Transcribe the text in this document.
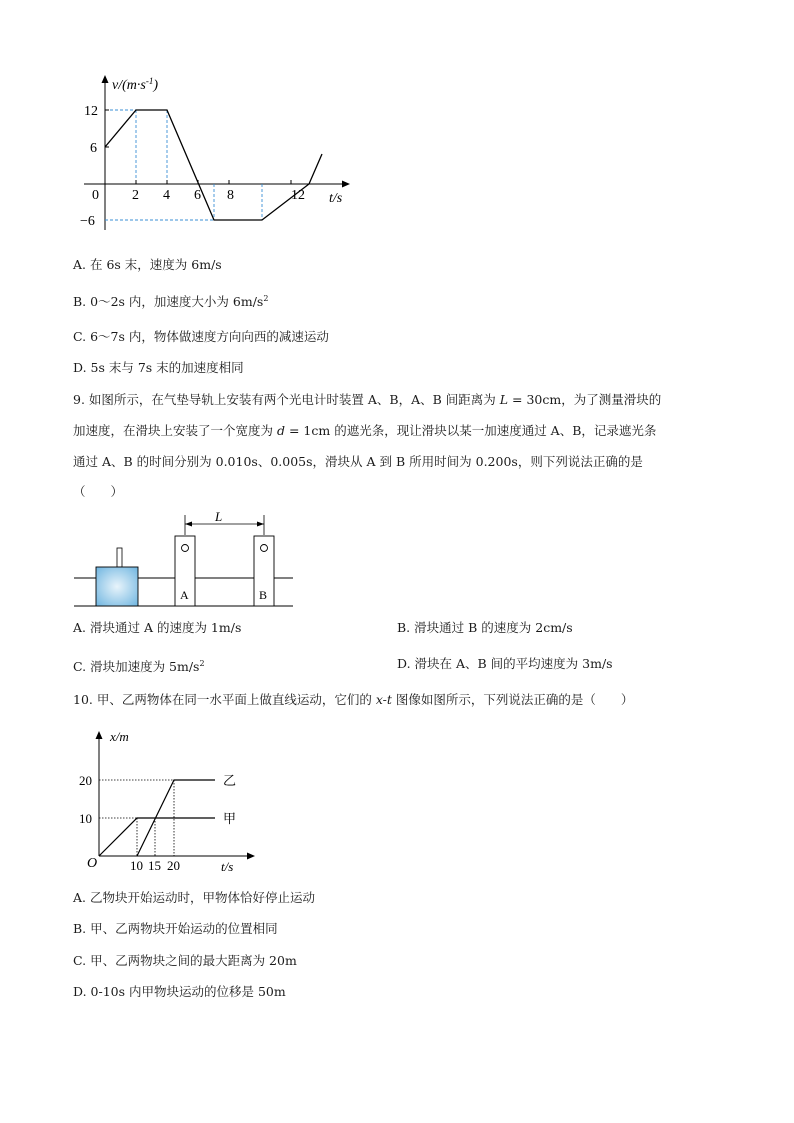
$v/(m\cdot s^{-1})$
12
6
−6
0 2 4 6 8	12 t/s
A. 在 6s 末，速度为 6m/s
B. 0～2s 内，加速度大小为 $6m/s^2$
C. 6～7s 内，物体做速度方向向西的减速运动
D. 5s 末与 7s 末的加速度相同
9. 如图所示，在气垫导轨上安装有两个光电计时装置 A、B，A、B 间距离为 L = 30cm，为了测量滑块的
加速度，在滑块上安装了一个宽度为 d = 1cm 的遮光条，现让滑块以某一加速度通过 A、B，记录遮光条
通过 A、B 的时间分别为 0.010s、0.005s，滑块从 A 到 B 所用时间为 0.200s，则下列说法正确的是
（　　）
L
A	B
A. 滑块通过 A 的速度为 1m/s	B. 滑块通过 B 的速度为 2cm/s
C. 滑块加速度为 $5m/s^2$	D. 滑块在 A、B 间的平均速度为 3m/s
10. 甲、乙两物体在同一水平面上做直线运动，它们的 x-t 图像如图所示，下列说法正确的是（　　）
x/m
20
10
O	10 15 20	t/s
乙
甲
A. 乙物块开始运动时，甲物体恰好停止运动
B. 甲、乙两物块开始运动的位置相同
C. 甲、乙两物块之间的最大距离为 20m
D. 0-10s 内甲物块运动的位移是 50m
